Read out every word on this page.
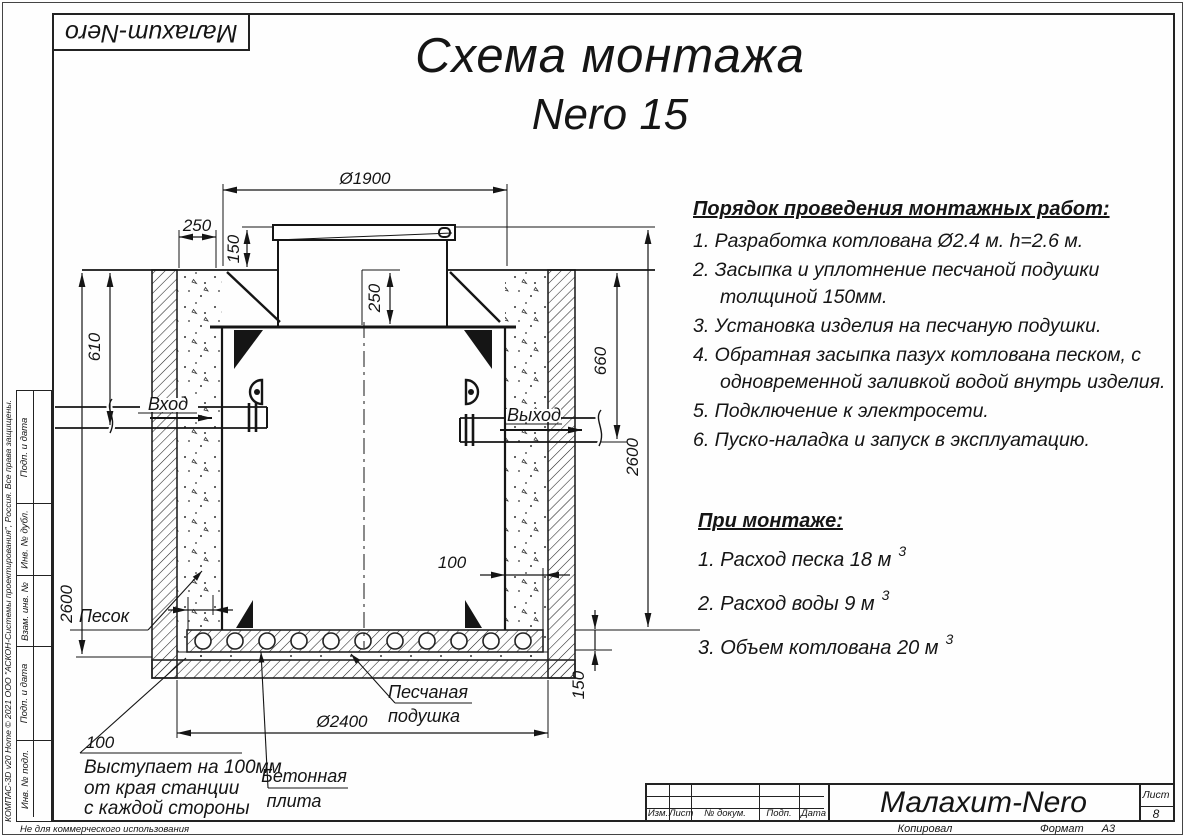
Малахит-Nero	Схема монтажа
Nero 15
Ø1900
250
150
250
610
2600
660
2600
100
Ø2400
150
Вход
Выход
Песок
Песчаная
подушка
Бетонная
плита
100
Выступает на 100мм
от края станции
с каждой стороны
Порядок проведения монтажных работ:
1. Разработка котлована Ø2.4 м. h=2.6 м.
2. Засыпка и уплотнение песчаной подушки толщиной 150мм.
3. Установка изделия на песчаную подушки.
4. Обратная засыпка пазух котлована песком, с одновременной заливкой водой внутрь изделия.
5. Подключение к электросети.
6. Пуско-наладка и запуск в эксплуатацию.
При монтаже:
1. Расход песка 18 м $^3$
2. Расход воды 9 м $^3$
3. Объем котлована 20 м $^3$
Подп. и дата
Инв. № дубл.
Взам. инв. №
Подп. и дата
Инв. № подл.
КОМПАС-3D v20 Home © 2021 ООО "АСКОН-Системы проектирования", Россия. Все права защищены.
Не для коммерческого использования
Изм. Лист	№ докум.	Подп. Дата	Малахит-Nero	Лист
8
Копировал	Формат А3
